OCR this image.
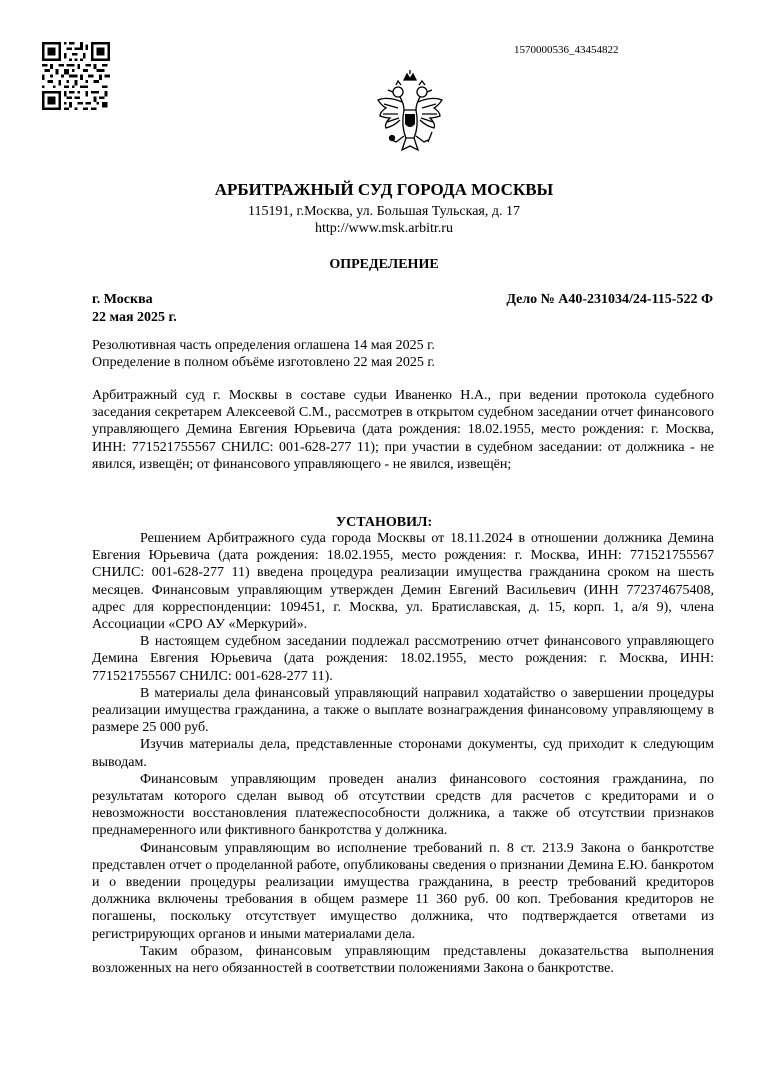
1570000536_43454822
АРБИТРАЖНЫЙ СУД ГОРОДА МОСКВЫ
115191, г.Москва, ул. Большая Тульская, д. 17
http://www.msk.arbitr.ru
ОПРЕДЕЛЕНИЕ
г. Москва
22 мая 2025 г.
Дело № А40-231034/24-115-522 Ф
Резолютивная часть определения оглашена 14 мая 2025 г.
Определение в полном объёме изготовлено 22 мая 2025 г.

Арбитражный суд г. Москвы в составе судьи Иваненко Н.А., при ведении протокола судебного заседания секретарем Алексеевой С.М., рассмотрев в открытом судебном заседании отчет финансового управляющего Демина Евгения Юрьевича (дата рождения: 18.02.1955, место рождения: г. Москва, ИНН: 771521755567 СНИЛС: 001-628-277 11); при участии в судебном заседании: от должника - не явился, извещён; от финансового управляющего - не явился, извещён;

УСТАНОВИЛ:

Решением Арбитражного суда города Москвы от 18.11.2024 в отношении должника Демина Евгения Юрьевича (дата рождения: 18.02.1955, место рождения: г. Москва, ИНН: 771521755567 СНИЛС: 001-628-277 11) введена процедура реализации имущества гражданина сроком на шесть месяцев. Финансовым управляющим утвержден Демин Евгений Васильевич (ИНН 772374675408, адрес для корреспонденции: 109451, г. Москва, ул. Братиславская, д. 15, корп. 1, а/я 9), члена Ассоциации «СРО АУ «Меркурий».

В настоящем судебном заседании подлежал рассмотрению отчет финансового управляющего Демина Евгения Юрьевича (дата рождения: 18.02.1955, место рождения: г. Москва, ИНН: 771521755567 СНИЛС: 001-628-277 11).

В материалы дела финансовый управляющий направил ходатайство о завершении процедуры реализации имущества гражданина, а также о выплате вознаграждения финансовому управляющему в размере 25 000 руб.

Изучив материалы дела, представленные сторонами документы, суд приходит к следующим выводам.

Финансовым управляющим проведен анализ финансового состояния гражданина, по результатам которого сделан вывод об отсутствии средств для расчетов с кредиторами и о невозможности восстановления платежеспособности должника, а также об отсутствии признаков преднамеренного или фиктивного банкротства у должника.

Финансовым управляющим во исполнение требований п. 8 ст. 213.9 Закона о банкротстве представлен отчет о проделанной работе, опубликованы сведения о признании Демина Е.Ю. банкротом и о введении процедуры реализации имущества гражданина, в реестр требований кредиторов должника включены требования в общем размере 11 360 руб. 00 коп. Требования кредиторов не погашены, поскольку отсутствует имущество должника, что подтверждается ответами из регистрирующих органов и иными материалами дела.

Таким образом, финансовым управляющим представлены доказательства выполнения возложенных на него обязанностей в соответствии положениями Закона о банкротстве.
